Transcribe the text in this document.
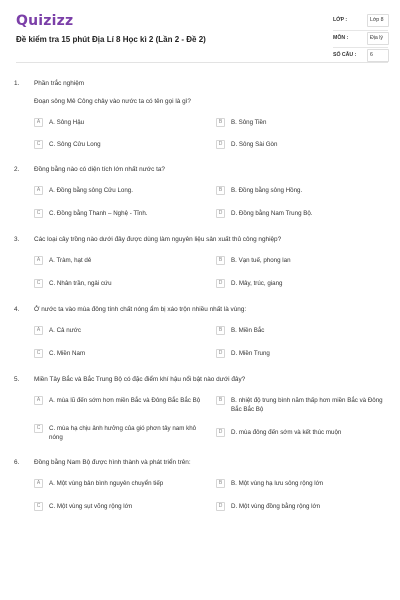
Quizizz
Đề kiểm tra 15 phút Địa Lí 8 Học kì 2 (Lần 2 - Đề 2)
LỚP :	Lớp 8
MÔN :	Địa lý
SỐ CÂU :	6
1. Phần trắc nghiệm
Đoạn sông Mê Công chảy vào nước ta có tên gọi là gì?
A	A. Sông Hậu	B	B. Sông Tiền
C	C. Sông Cửu Long	D	D. Sông Sài Gòn
2. Đồng bằng nào có diện tích lớn nhất nước ta?
A	A. Đồng bằng sông Cửu Long.	B	B. Đồng bằng sông Hồng.
C	C. Đồng bằng Thanh – Nghệ - Tĩnh.	D	D. Đồng bằng Nam Trung Bộ.
3. Các loại cây trồng nào dưới đây được dùng làm nguyên liệu sản xuất thủ công nghiệp?
A	A. Tràm, hạt dẻ	B	B. Vạn tuế, phong lan
C	C. Nhân trần, ngải cứu	D	D. Mây, trúc, giang
4. Ở nước ta vào mùa đông tính chất nóng ẩm bị xáo trộn nhiều nhất là vùng:
A	A. Cả nước	B	B. Miền Bắc
C	C. Miền Nam	D	D. Miền Trung
5. Miền Tây Bắc và Bắc Trung Bộ có đặc điểm khí hậu nổi bật nào dưới đây?
A	A. mùa lũ đến sớm hơn miền Bắc và Đông Bắc Bắc Bộ	B	B. nhiệt độ trung bình năm thấp hơn miền Bắc và Đông Bắc Bắc Bộ
C	C. mùa hạ chịu ảnh hưởng của gió phơn tây nam khô nóng
D	D. mùa đông đến sớm và kết thúc muộn
6. Đồng bằng Nam Bộ được hình thành và phát triển trên:
A	A. Một vùng bản bình nguyên chuyển tiếp	B	B. Một vùng hạ lưu sông rộng lớn
C	C. Một vùng sụt võng rộng lớn	D	D. Một vùng đồng bằng rộng lớn
